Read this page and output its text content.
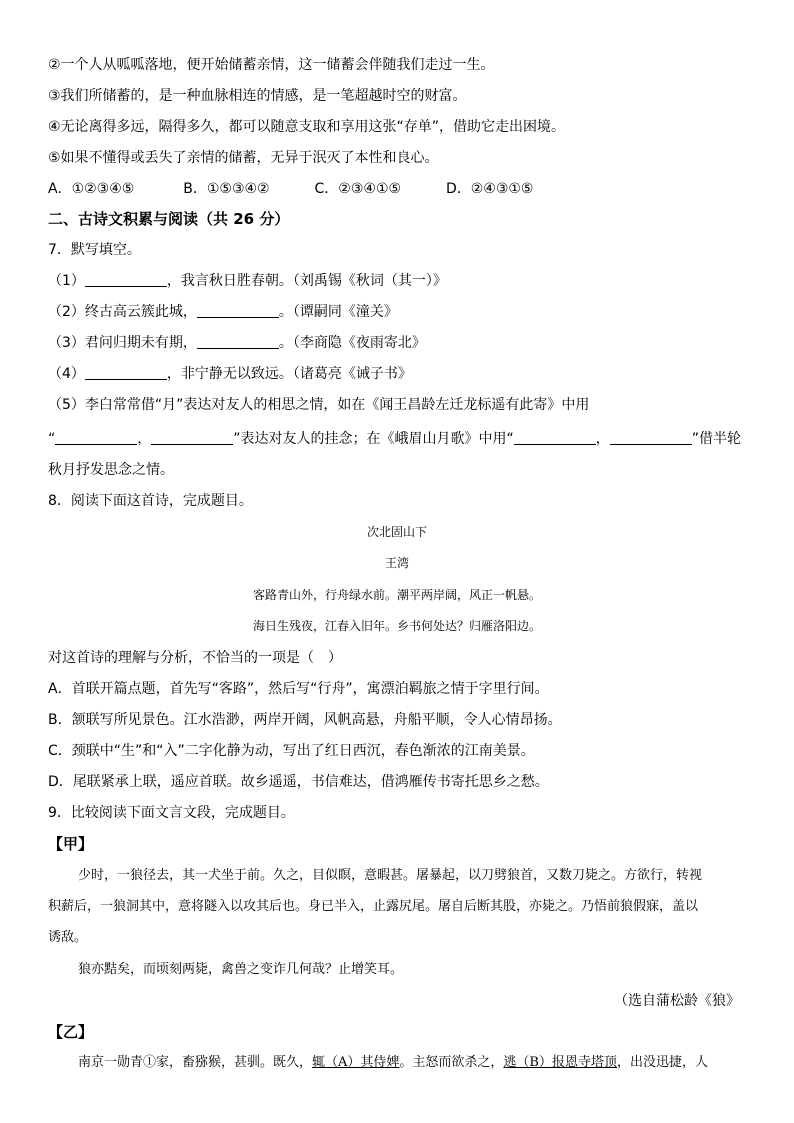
②一个人从呱呱落地，便开始储蓄亲情，这一储蓄会伴随我们走过一生。
③我们所储蓄的，是一种血脉相连的情感，是一笔超越时空的财富。
④无论离得多远，隔得多久，都可以随意支取和享用这张“存单”，借助它走出困境。
⑤如果不懂得或丢失了亲情的储蓄，无异于泯灭了本性和良心。
A．①②③④⑤	B．①⑤③④②	C．②③④①⑤	D．②④③①⑤
二、古诗文积累与阅读（共 26 分）
7．默写填空。
（1）	，我言秋日胜春朝。（刘禹锡《秋词（其一）》
（2）终古高云簇此城，	。（谭嗣同《潼关》
（3）君问归期未有期，	。（李商隐《夜雨寄北》
（4）	，非宁静无以致远。（诸葛亮《诫子书》
（5）李白常常借“月”表达对友人的相思之情，如在《闻王昌龄左迁龙标遥有此寄》中用
“	，	”表达对友人的挂念；在《峨眉山月歌》中用“	，	”借半轮
秋月抒发思念之情。
8．阅读下面这首诗，完成题目。
次北固山下
王湾
客路青山外，行舟绿水前。潮平两岸阔，风正一帆悬。
海日生残夜，江春入旧年。乡书何处达？归雁洛阳边。
对这首诗的理解与分析，不恰当的一项是（　）
A．首联开篇点题，首先写“客路”，然后写“行舟”，寓漂泊羁旅之情于字里行间。
B．颔联写所见景色。江水浩渺，两岸开阔，风帆高悬，舟船平顺，令人心情昂扬。
C．颈联中“生”和“入”二字化静为动，写出了红日西沉，春色渐浓的江南美景。
D．尾联紧承上联，遥应首联。故乡遥遥，书信难达，借鸿雁传书寄托思乡之愁。
9．比较阅读下面文言文段，完成题目。
【甲】
少时，一狼径去，其一犬坐于前。久之，目似瞑，意暇甚。屠暴起，以刀劈狼首，又数刀毙之。方欲行，转视
积薪后，一狼洞其中，意将隧入以攻其后也。身已半入，止露尻尾。屠自后断其股，亦毙之。乃悟前狼假寐，盖以
诱敌。
狼亦黠矣，而顷刻两毙，禽兽之变诈几何哉？止增笑耳。
（选自蒲松龄《狼》
【乙】
南京一勋青①家，畜猕猴，甚驯。既久，辄（A）其侍婢。主怒而欲杀之，逃（B）报恩寺塔顶，出没迅捷，人
